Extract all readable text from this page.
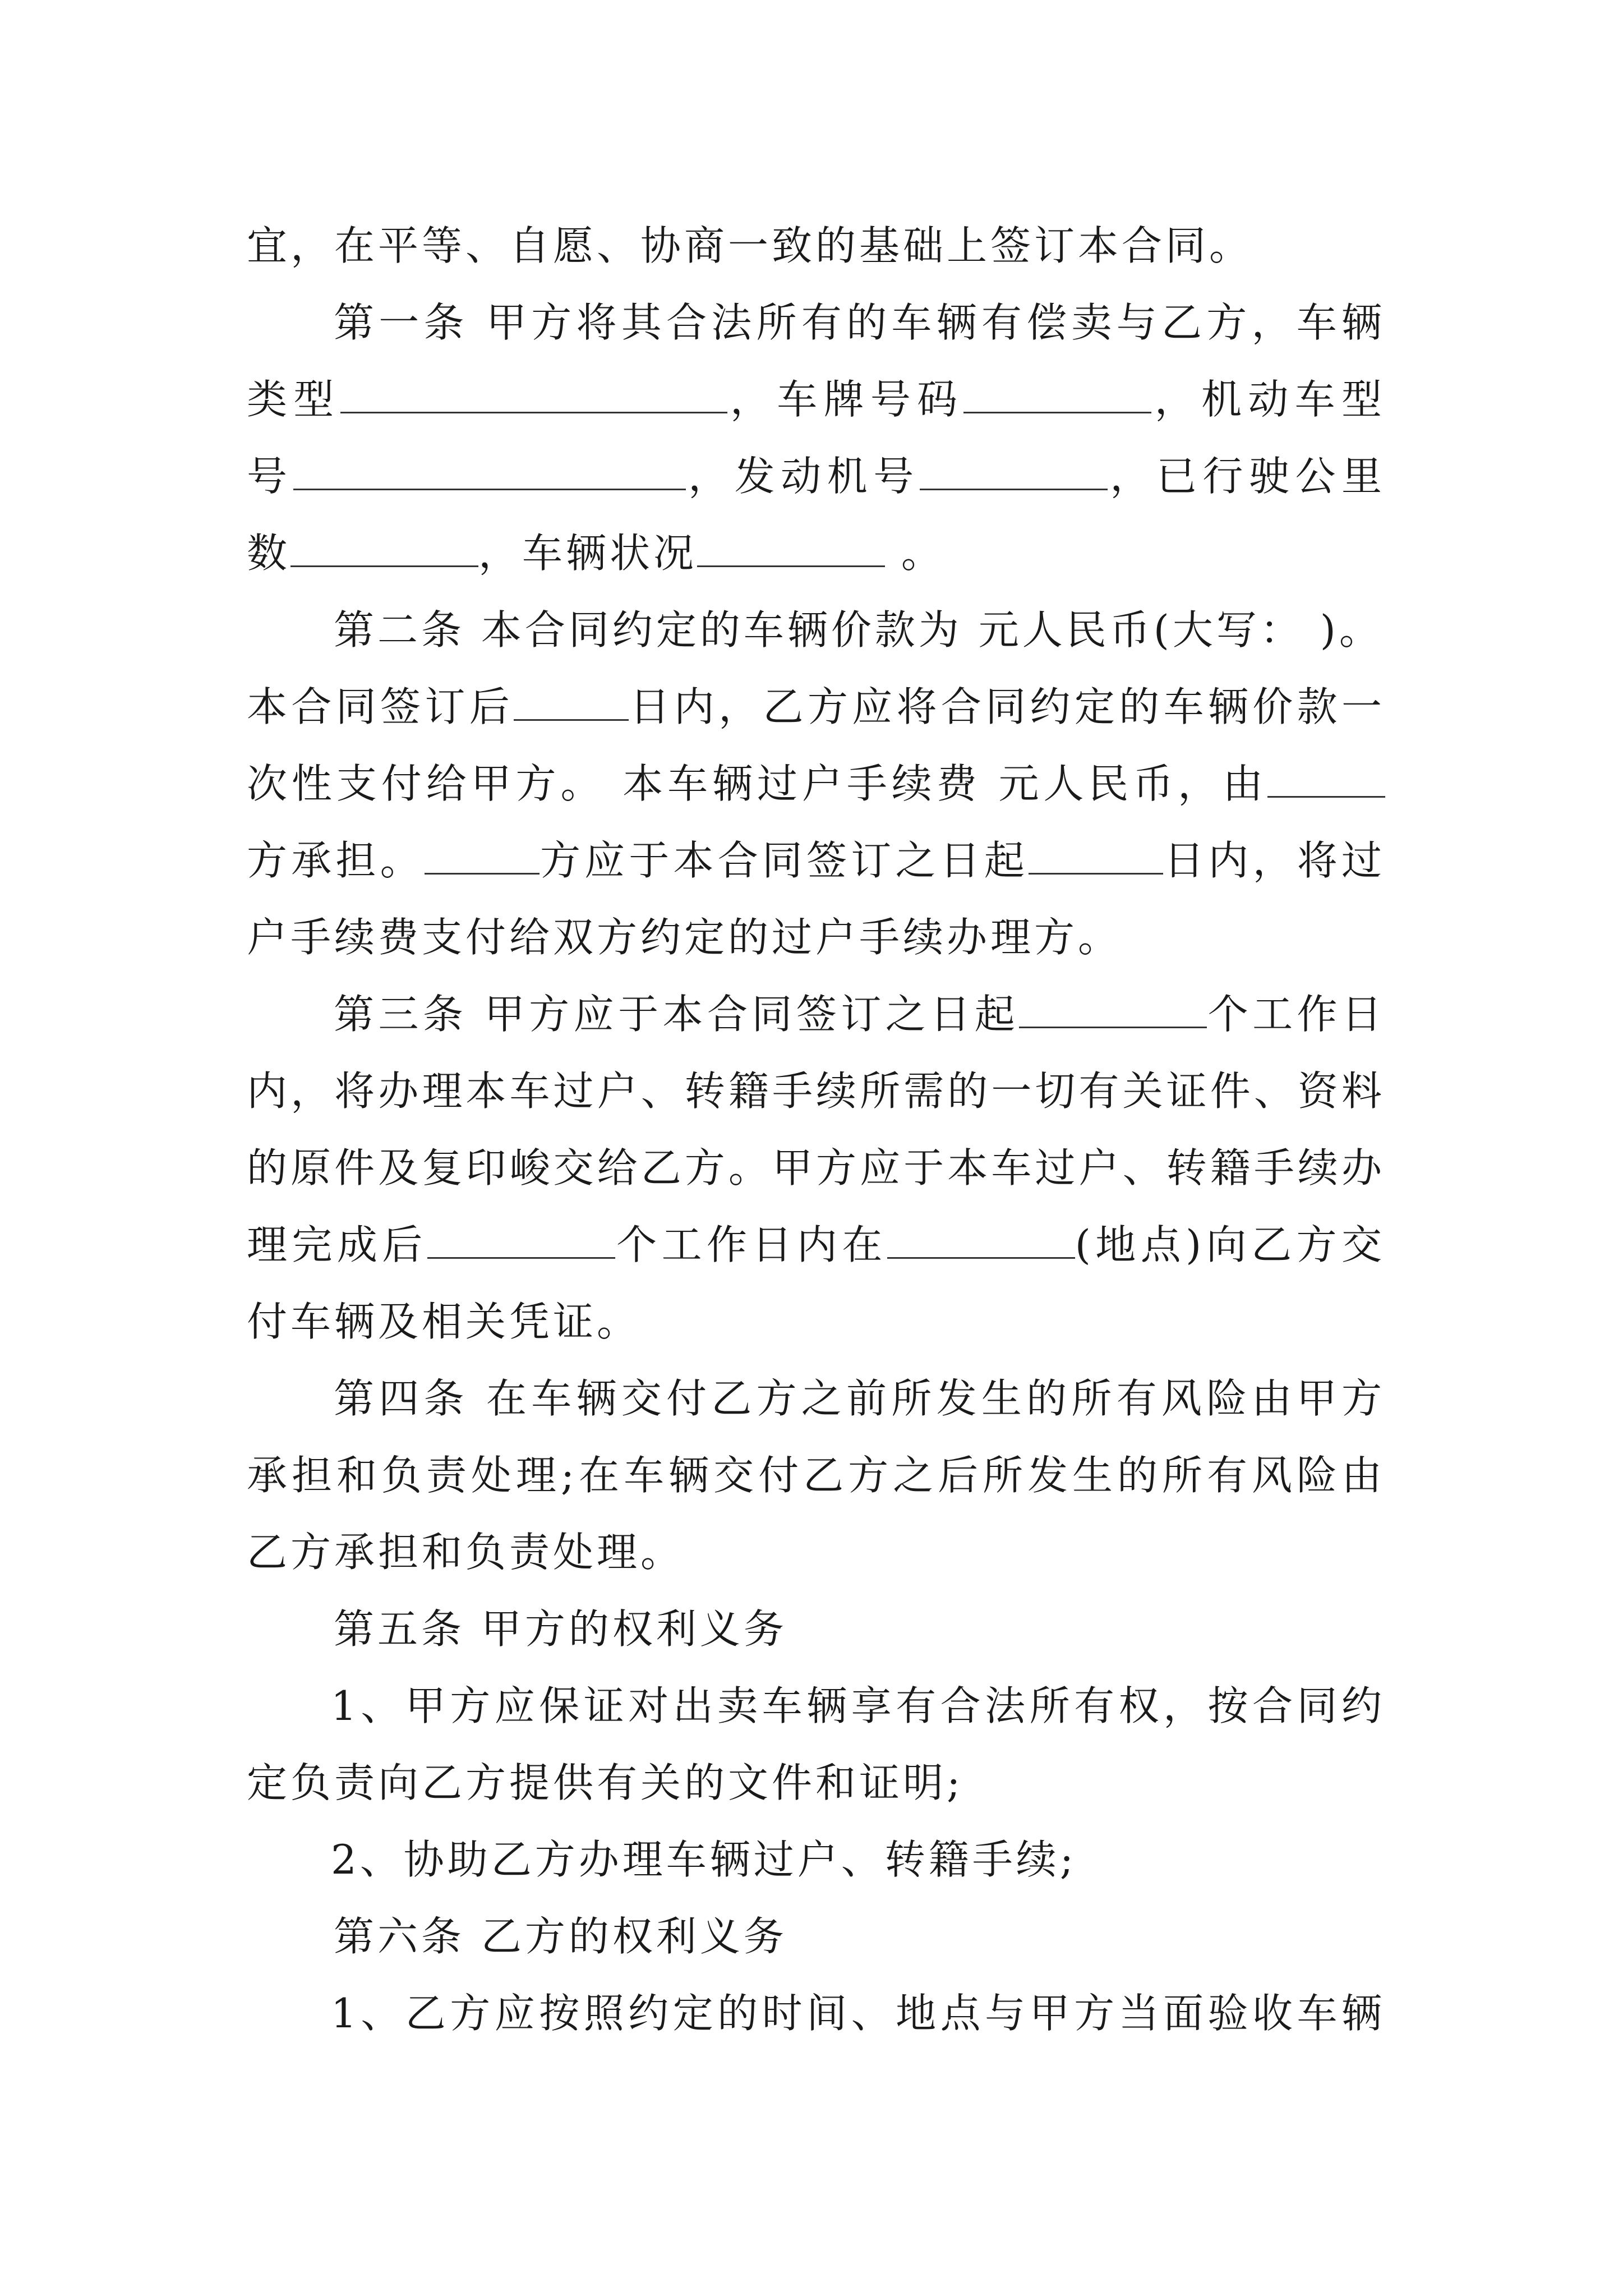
宜，在平等、自愿、协商一致的基础上签订本合同。
第一条 甲方将其合法所有的车辆有偿卖与乙方，车辆
类型	，车牌号码	，机动车型
号	，发动机号	，已行驶公里
数	，车辆状况	。
第二条 本合同约定的车辆价款为 元人民币(大写： )。
本合同签订后	日内，乙方应将合同约定的车辆价款一
次性支付给甲方。 本车辆过户手续费 元人民币，由
方承担。	方应于本合同签订之日起	日内，将过
户手续费支付给双方约定的过户手续办理方。
第三条 甲方应于本合同签订之日起	个工作日
内，将办理本车过户、转籍手续所需的一切有关证件、资料
的原件及复印峻交给乙方。甲方应于本车过户、转籍手续办
理完成后	个工作日内在	(地点)向乙方交
付车辆及相关凭证。
第四条 在车辆交付乙方之前所发生的所有风险由甲方
承担和负责处理;在车辆交付乙方之后所发生的所有风险由
乙方承担和负责处理。
第五条 甲方的权利义务
1、甲方应保证对出卖车辆享有合法所有权，按合同约
定负责向乙方提供有关的文件和证明;
2、协助乙方办理车辆过户、转籍手续;
第六条 乙方的权利义务
1、乙方应按照约定的时间、地点与甲方当面验收车辆
